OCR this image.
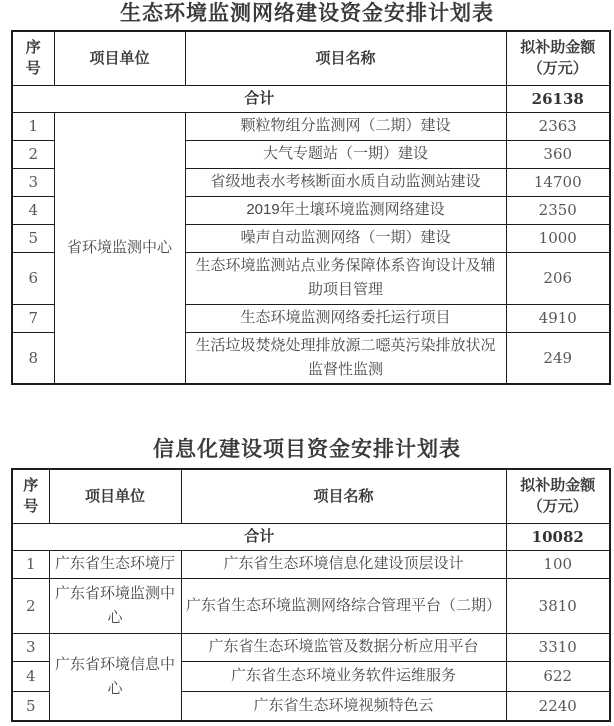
生态环境监测网络建设资金安排计划表
序
号	项目单位	项目名称	拟补助金额
（万元）

合计			26138
1	省环境监测中心	颗粒物组分监测网（二期）建设	2363
2		大气专题站（一期）建设	360
3		省级地表水考核断面水质自动监测站建设	14700
4		2019年土壤环境监测网络建设	2350
5		噪声自动监测网络（一期）建设	1000
6		生态环境监测站点业务保障体系咨询设计及辅助项目管理	206
7		生态环境监测网络委托运行项目	4910
8		生活垃圾焚烧处理排放源二噁英污染排放状况监督性监测	249
信息化建设项目资金安排计划表
序号	项目单位	项目名称	拟补助金额
（万元）

合计			10082
1	广东省生态环境厅	广东省生态环境信息化建设顶层设计	100
2	广东省环境监测中心	广东省生态环境监测网络综合管理平台（二期）	3810
3	广东省环境信息中心	广东省生态环境监管及数据分析应用平台	3310
4		广东省生态环境业务软件运维服务	622
5		广东省生态环境视频特色云	2240
